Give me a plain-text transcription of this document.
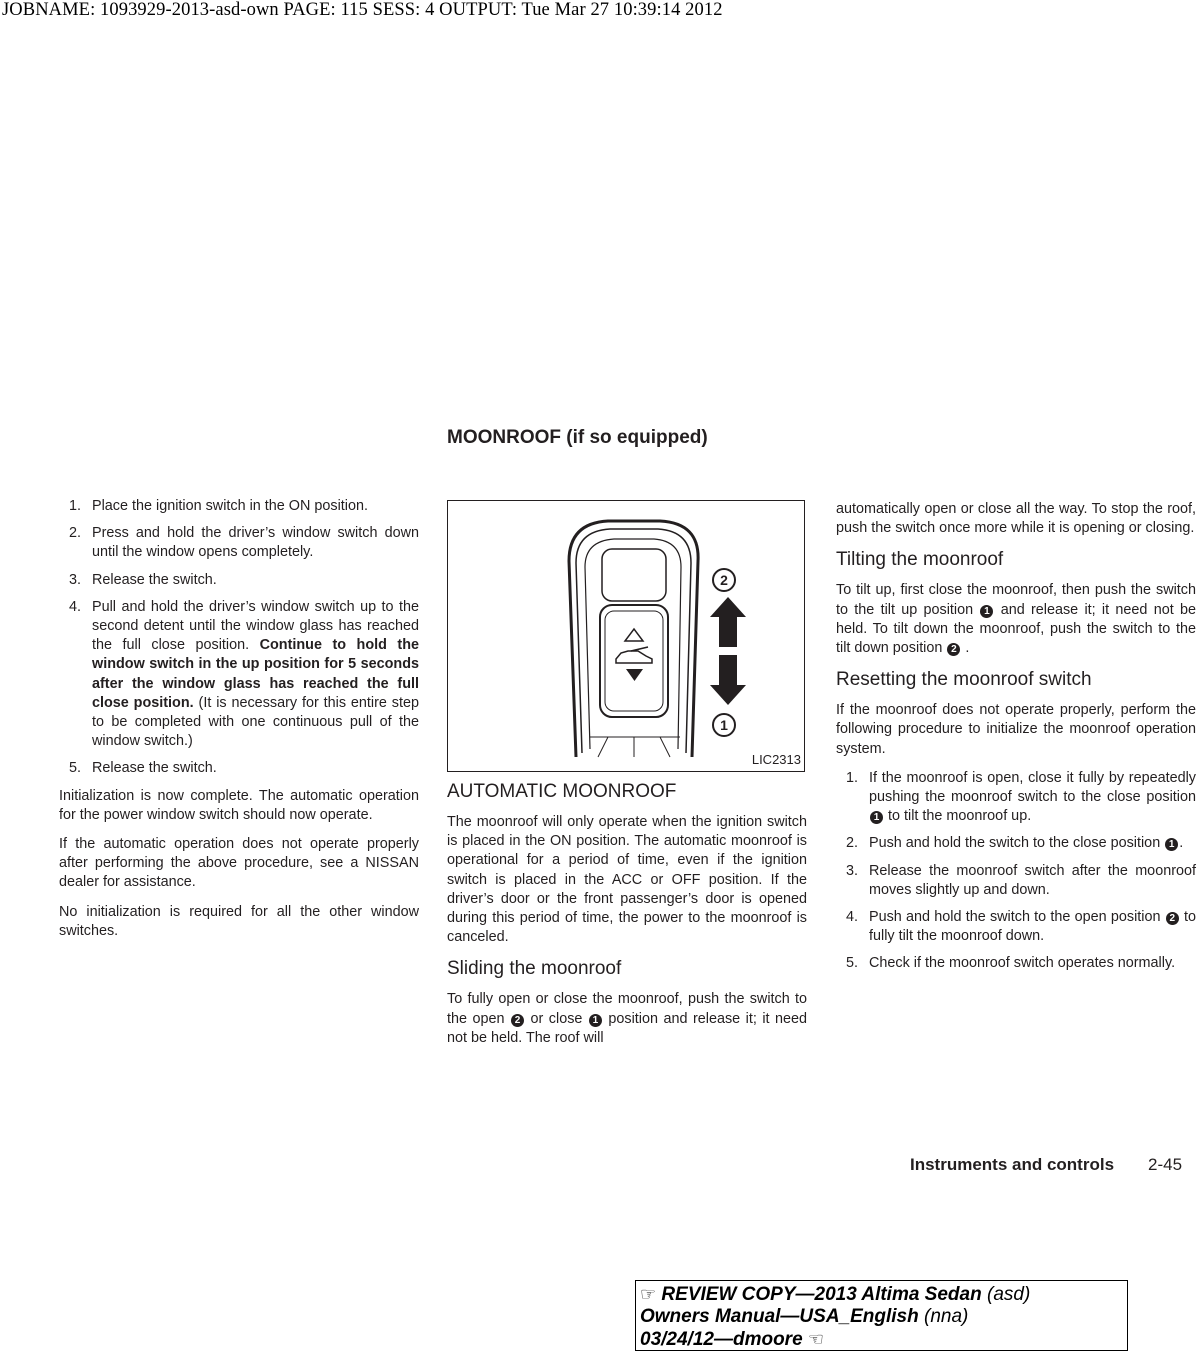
JOBNAME: 1093929-2013-asd-own PAGE: 115 SESS: 4 OUTPUT: Tue Mar 27 10:39:14 2012
MOONROOF (if so equipped)
1. Place the ignition switch in the ON position.
2. Press and hold the driver’s window switch down until the window opens completely.
3. Release the switch.
4. Pull and hold the driver’s window switch up to the second detent until the window glass has reached the full close position. Continue to hold the window switch in the up position for 5 seconds after the window glass has reached the full close position. (It is necessary for this entire step to be completed with one continuous pull of the window switch.)
5. Release the switch.

Initialization is now complete. The automatic operation for the power window switch should now operate.

If the automatic operation does not operate properly after performing the above procedure, see a NISSAN dealer for assistance.

No initialization is required for all the other window switches.

2
1
LIC2313
AUTOMATIC MOONROOF

The moonroof will only operate when the ignition switch is placed in the ON position. The automatic moonroof is operational for a period of time, even if the ignition switch is placed in the ACC or OFF position. If the driver’s door or the front passenger’s door is opened during this period of time, the power to the moonroof is canceled.

Sliding the moonroof

To fully open or close the moonroof, push the switch to the open 2 or close 1 position and release it; it need not be held. The roof will

automatically open or close all the way. To stop the roof, push the switch once more while it is opening or closing.

Tilting the moonroof

To tilt up, first close the moonroof, then push the switch to the tilt up position 1 and release it; it need not be held. To tilt down the moonroof, push the switch to the tilt down position 2 .

Resetting the moonroof switch

If the moonroof does not operate properly, perform the following procedure to initialize the moonroof operation system.

1. If the moonroof is open, close it fully by repeatedly pushing the moonroof switch to the close position 1 to tilt the moonroof up.
2. Push and hold the switch to the close position 1 .
3. Release the moonroof switch after the moonroof moves slightly up and down.
4. Push and hold the switch to the open position 2 to fully tilt the moonroof down.
5. Check if the moonroof switch operates normally.
Instruments and controls 2-45
☞ REVIEW COPY—2013 Altima Sedan (asd)
Owners Manual—USA_English (nna)
03/24/12—dmoore ☜
